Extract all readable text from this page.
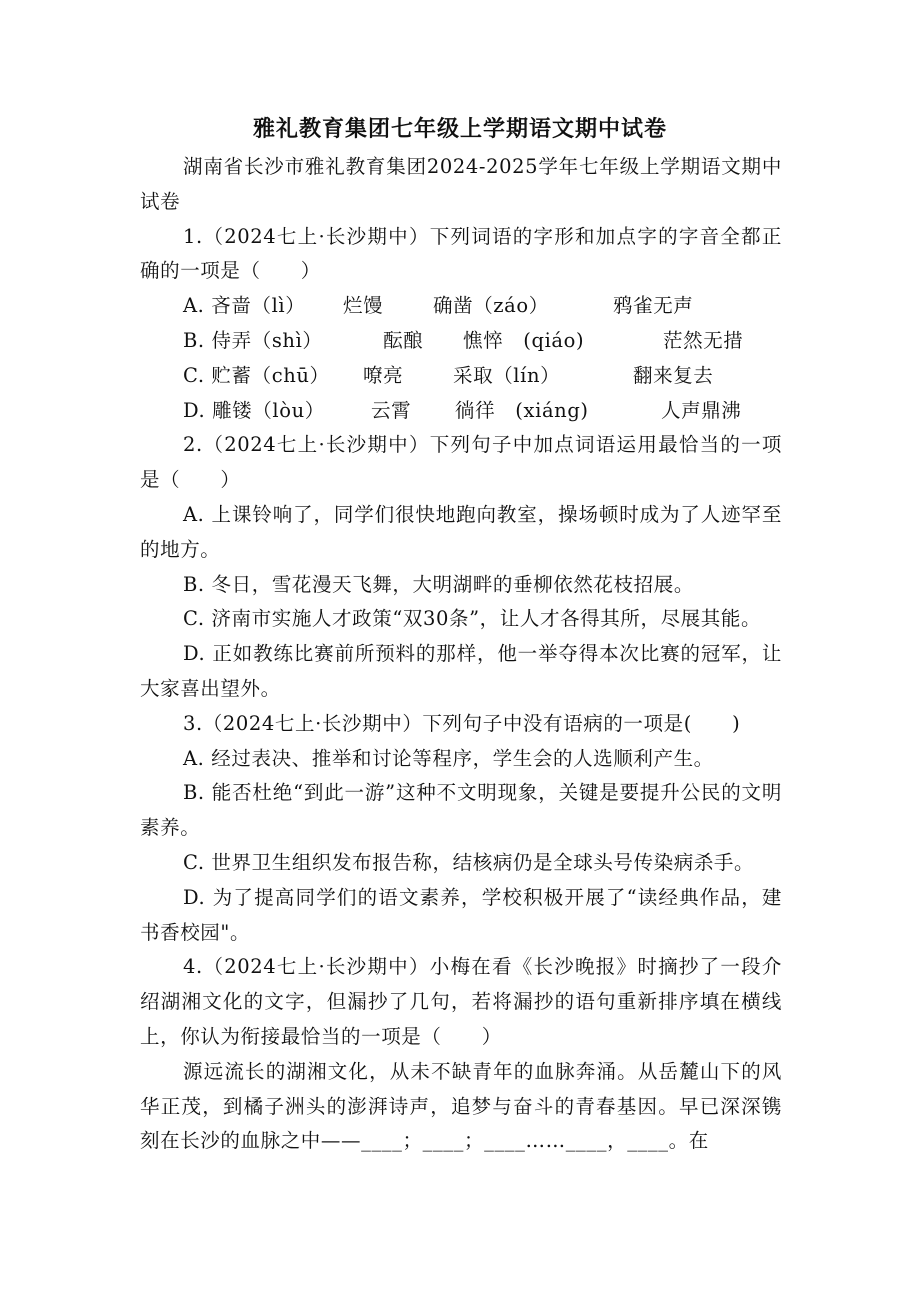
雅礼教育集团七年级上学期语文期中试卷

湖南省长沙市雅礼教育集团2024-2025学年七年级上学期语文期中试卷

1.（2024七上·长沙期中）下列词语的字形和加点字的字音全都正确的一项是（　　）

A. 吝啬（lì）	烂馒	确凿（záo）	鸦雀无声
B. 侍弄（shì）	酝酿	憔悴　(qiáo)	茫然无措
C. 贮蓄（chū）	嘹亮	采取（lín）	翻来复去
D. 雕镂（lòu）	云霄	徜徉　(xiáng)	人声鼎沸

2.（2024七上·长沙期中）下列句子中加点词语运用最恰当的一项是（　　）

A. 上课铃响了，同学们很快地跑向教室，操场顿时成为了人迹罕至的地方。

B. 冬日，雪花漫天飞舞，大明湖畔的垂柳依然花枝招展。

C. 济南市实施人才政策“双30条”，让人才各得其所，尽展其能。

D. 正如教练比赛前所预料的那样，他一举夺得本次比赛的冠军，让大家喜出望外。

3.（2024七上·长沙期中）下列句子中没有语病的一项是(　　)

A. 经过表决、推举和讨论等程序，学生会的人选顺利产生。

B. 能否杜绝“到此一游”这种不文明现象，关键是要提升公民的文明素养。

C. 世界卫生组织发布报告称，结核病仍是全球头号传染病杀手。

D. 为了提高同学们的语文素养，学校积极开展了“读经典作品，建书香校园"。

4.（2024七上·长沙期中）小梅在看《长沙晚报》时摘抄了一段介绍湖湘文化的文字，但漏抄了几句，若将漏抄的语句重新排序填在横线上，你认为衔接最恰当的一项是（　　）

源远流长的湖湘文化，从未不缺青年的血脉奔涌。从岳麓山下的风华正茂，到橘子洲头的澎湃诗声，追梦与奋斗的青春基因。早已深深镌刻在长沙的血脉之中——____；____；____……____，____。在
